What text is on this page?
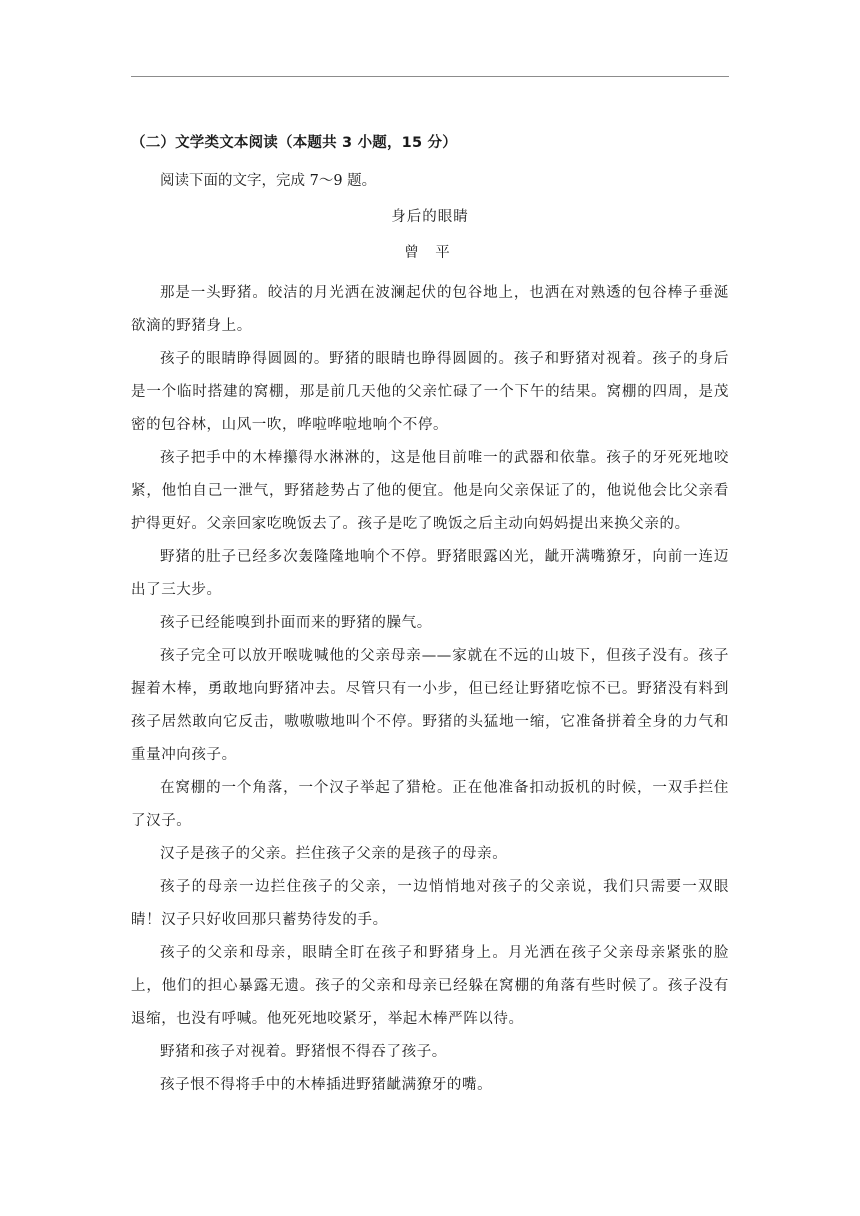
（二）文学类文本阅读（本题共 3 小题，15 分）
阅读下面的文字，完成 7～9 题。
身后的眼睛
曾 平

那是一头野猪。皎洁的月光洒在波澜起伏的包谷地上，也洒在对熟透的包谷棒子垂涎欲滴的野猪身上。

孩子的眼睛睁得圆圆的。野猪的眼睛也睁得圆圆的。孩子和野猪对视着。孩子的身后是一个临时搭建的窝棚，那是前几天他的父亲忙碌了一个下午的结果。窝棚的四周，是茂密的包谷林，山风一吹，哗啦哗啦地响个不停。

孩子把手中的木棒攥得水淋淋的，这是他目前唯一的武器和依靠。孩子的牙死死地咬紧，他怕自己一泄气，野猪趁势占了他的便宜。他是向父亲保证了的，他说他会比父亲看护得更好。父亲回家吃晚饭去了。孩子是吃了晚饭之后主动向妈妈提出来换父亲的。

野猪的肚子已经多次轰隆隆地响个不停。野猪眼露凶光，龇开满嘴獠牙，向前一连迈出了三大步。

孩子已经能嗅到扑面而来的野猪的臊气。

孩子完全可以放开喉咙喊他的父亲母亲——家就在不远的山坡下，但孩子没有。孩子握着木棒，勇敢地向野猪冲去。尽管只有一小步，但已经让野猪吃惊不已。野猪没有料到孩子居然敢向它反击，嗷嗷嗷地叫个不停。野猪的头猛地一缩，它准备拼着全身的力气和重量冲向孩子。

在窝棚的一个角落，一个汉子举起了猎枪。正在他准备扣动扳机的时候，一双手拦住了汉子。

汉子是孩子的父亲。拦住孩子父亲的是孩子的母亲。

孩子的母亲一边拦住孩子的父亲，一边悄悄地对孩子的父亲说，我们只需要一双眼睛！汉子只好收回那只蓄势待发的手。

孩子的父亲和母亲，眼睛全盯在孩子和野猪身上。月光洒在孩子父亲母亲紧张的脸上，他们的担心暴露无遗。孩子的父亲和母亲已经躲在窝棚的角落有些时候了。孩子没有退缩，也没有呼喊。他死死地咬紧牙，举起木棒严阵以待。

野猪和孩子对视着。野猪恨不得吞了孩子。

孩子恨不得将手中的木棒插进野猪龇满獠牙的嘴。
